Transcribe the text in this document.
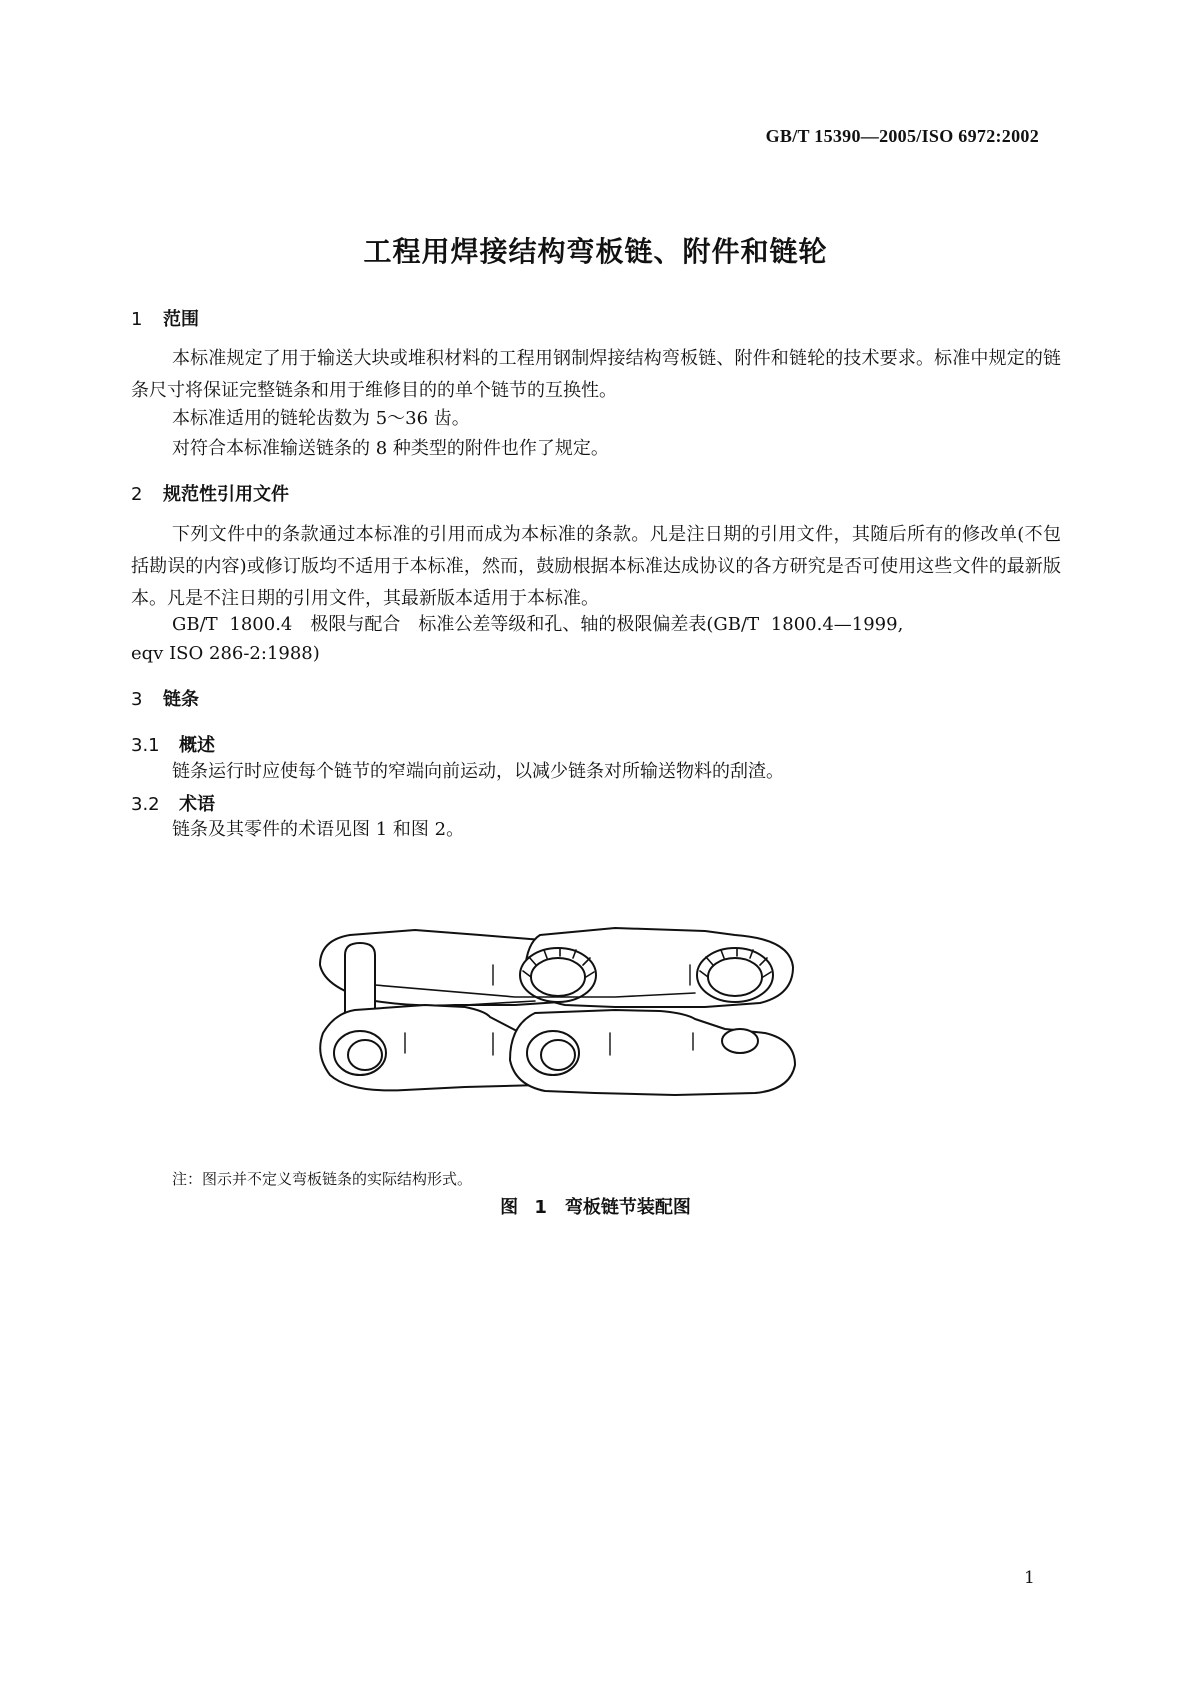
GB/T 15390—2005/ISO 6972:2002
工程用焊接结构弯板链、附件和链轮
1 范围

本标准规定了用于输送大块或堆积材料的工程用钢制焊接结构弯板链、附件和链轮的技术要求。标准中规定的链条尺寸将保证完整链条和用于维修目的的单个链节的互换性。

本标准适用的链轮齿数为 5～36 齿。

对符合本标准输送链条的 8 种类型的附件也作了规定。

2 规范性引用文件

下列文件中的条款通过本标准的引用而成为本标准的条款。凡是注日期的引用文件，其随后所有的修改单(不包括勘误的内容)或修订版均不适用于本标准，然而，鼓励根据本标准达成协议的各方研究是否可使用这些文件的最新版本。凡是不注日期的引用文件，其最新版本适用于本标准。

GB/T 1800.4　极限与配合　标准公差等级和孔、轴的极限偏差表(GB/T 1800.4—1999,
eqv ISO 286-2:1988)
3 链条
3.1 概述

链条运行时应使每个链节的窄端向前运动，以减少链条对所输送物料的刮渣。

3.2 术语

链条及其零件的术语见图 1 和图 2。

注：图示并不定义弯板链条的实际结构形式。
图 1　弯板链节装配图
1
